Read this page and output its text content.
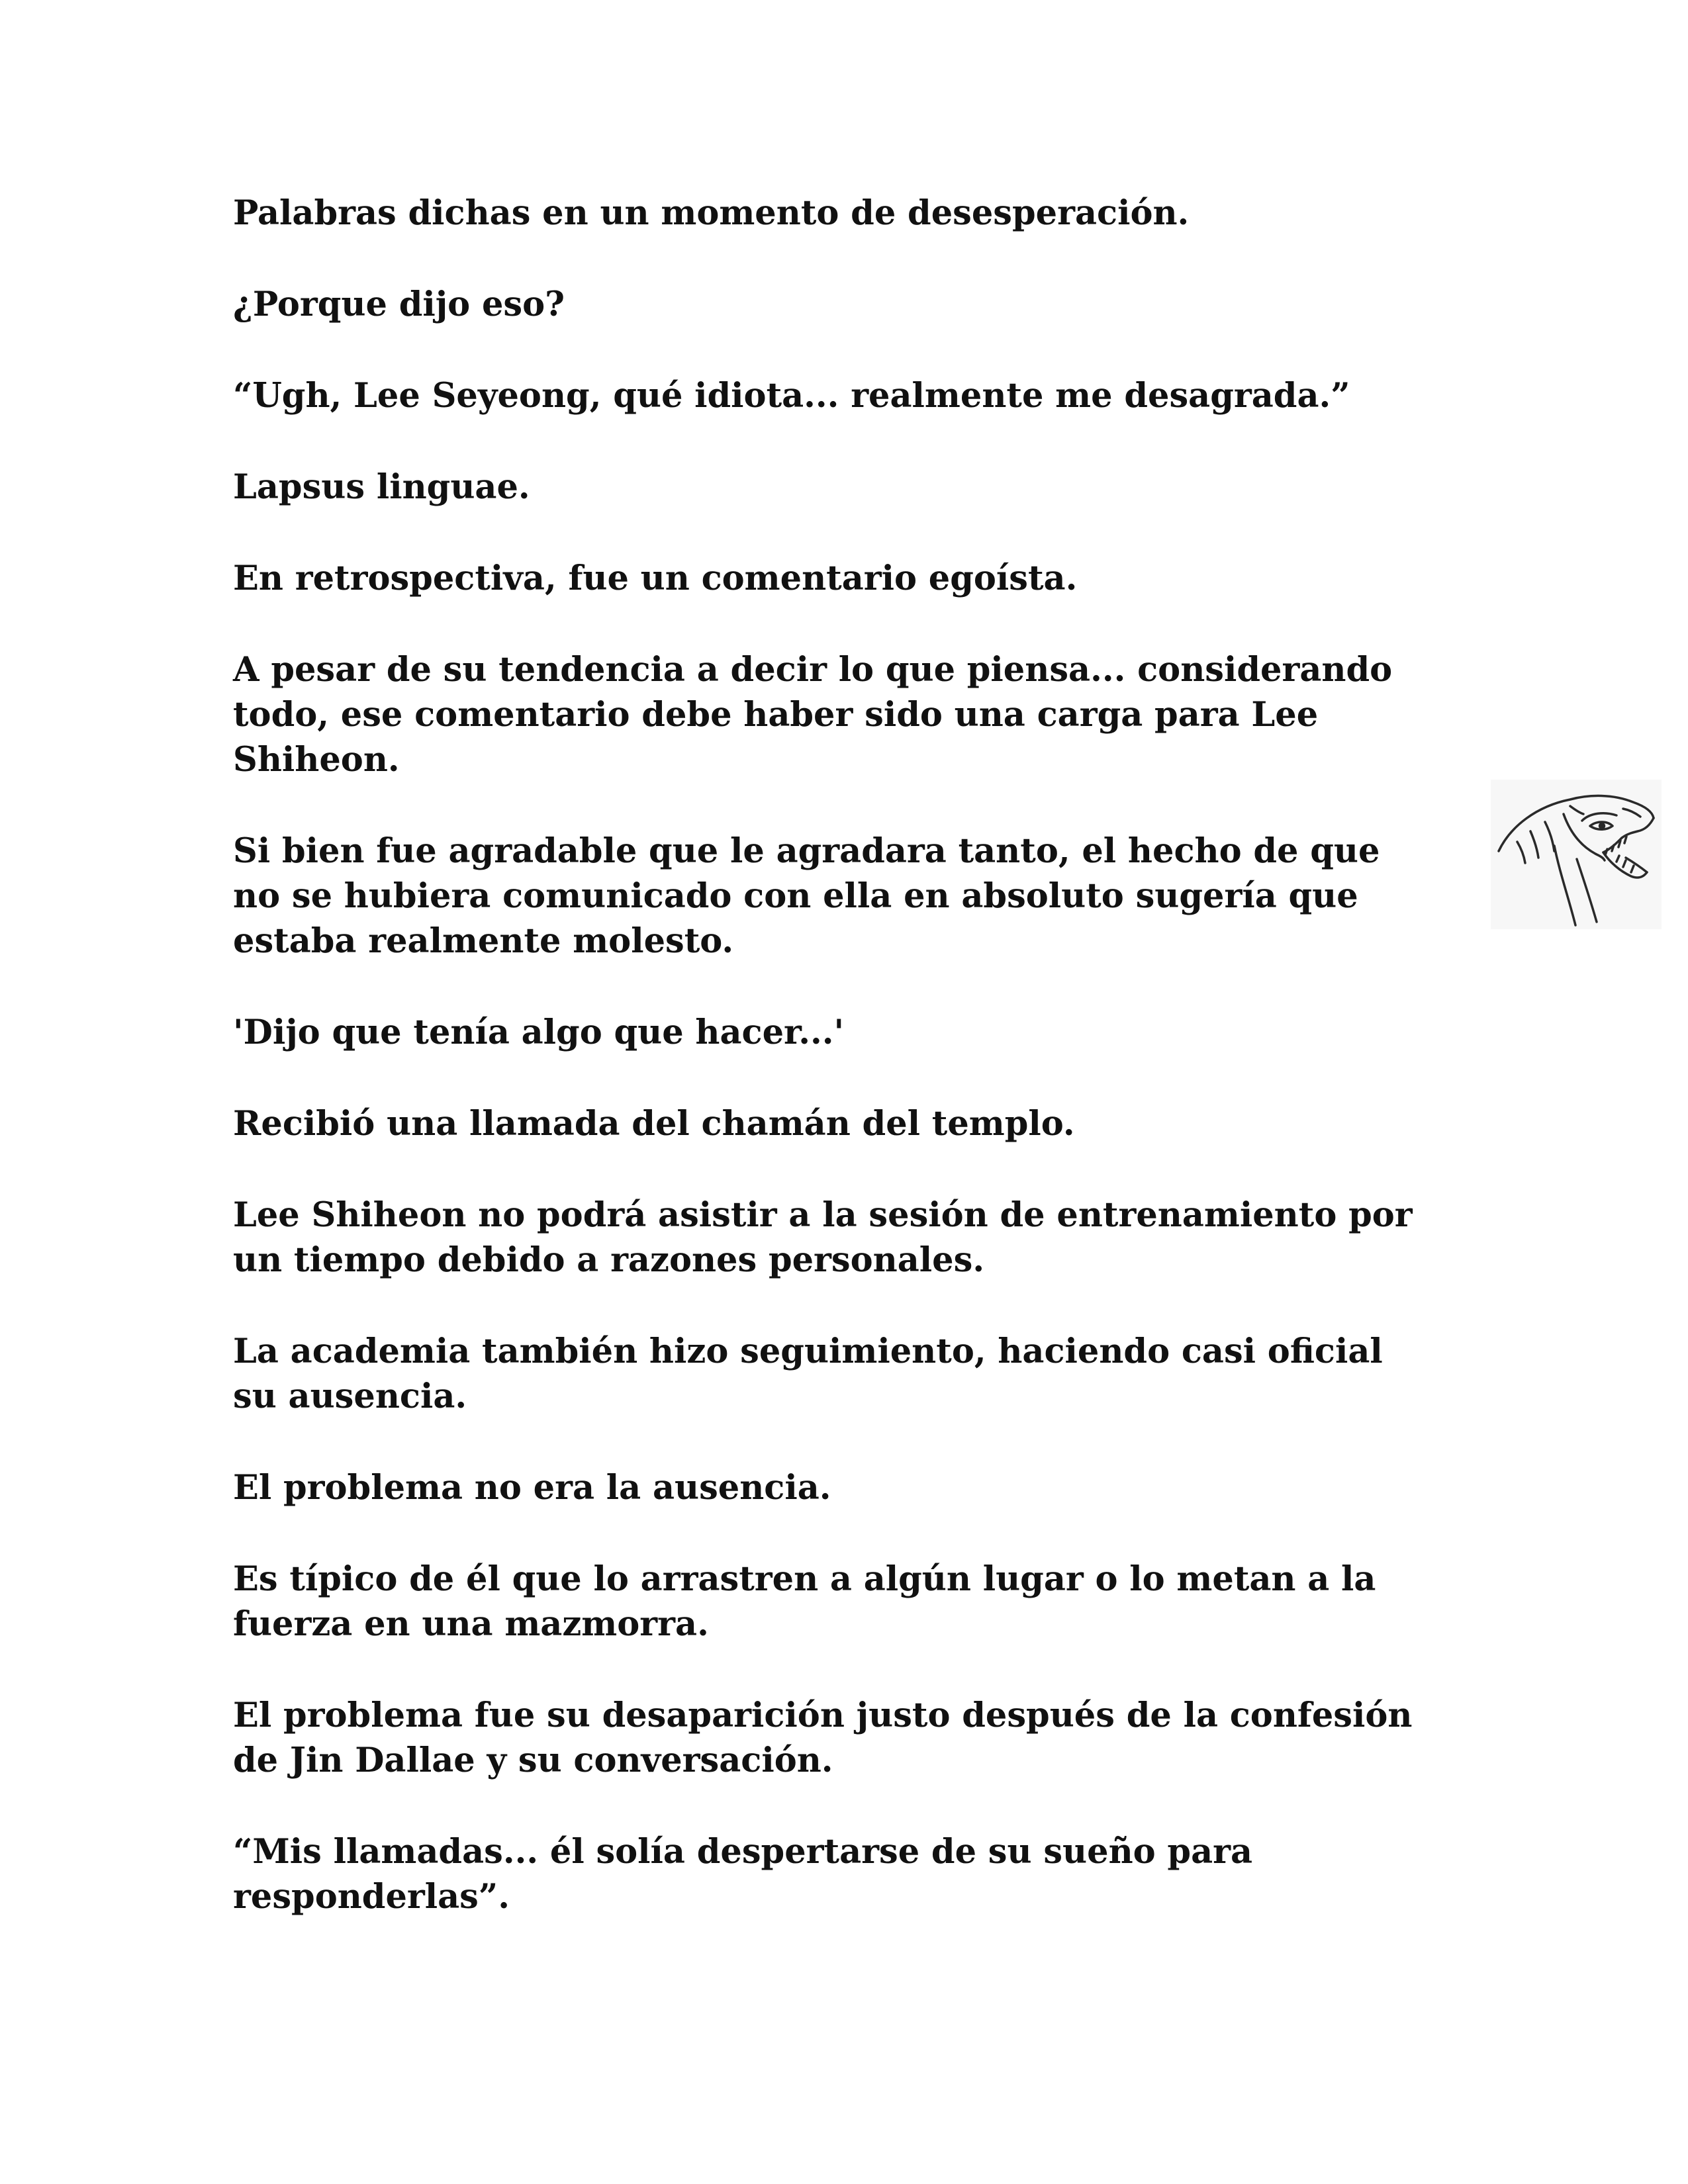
Palabras dichas en un momento de desesperación.

¿Porque dijo eso?

“Ugh, Lee Seyeong, qué idiota... realmente me desagrada.”

Lapsus linguae.

En retrospectiva, fue un comentario egoísta.

A pesar de su tendencia a decir lo que piensa... considerando todo, ese comentario debe haber sido una carga para Lee Shiheon.

Si bien fue agradable que le agradara tanto, el hecho de que no se hubiera comunicado con ella en absoluto sugería que estaba realmente molesto.

'Dijo que tenía algo que hacer...'

Recibió una llamada del chamán del templo.

Lee Shiheon no podrá asistir a la sesión de entrenamiento por un tiempo debido a razones personales.

La academia también hizo seguimiento, haciendo casi oficial su ausencia.

El problema no era la ausencia.

Es típico de él que lo arrastren a algún lugar o lo metan a la fuerza en una mazmorra.

El problema fue su desaparición justo después de la confesión de Jin Dallae y su conversación.

“Mis llamadas... él solía despertarse de su sueño para responderlas”.
